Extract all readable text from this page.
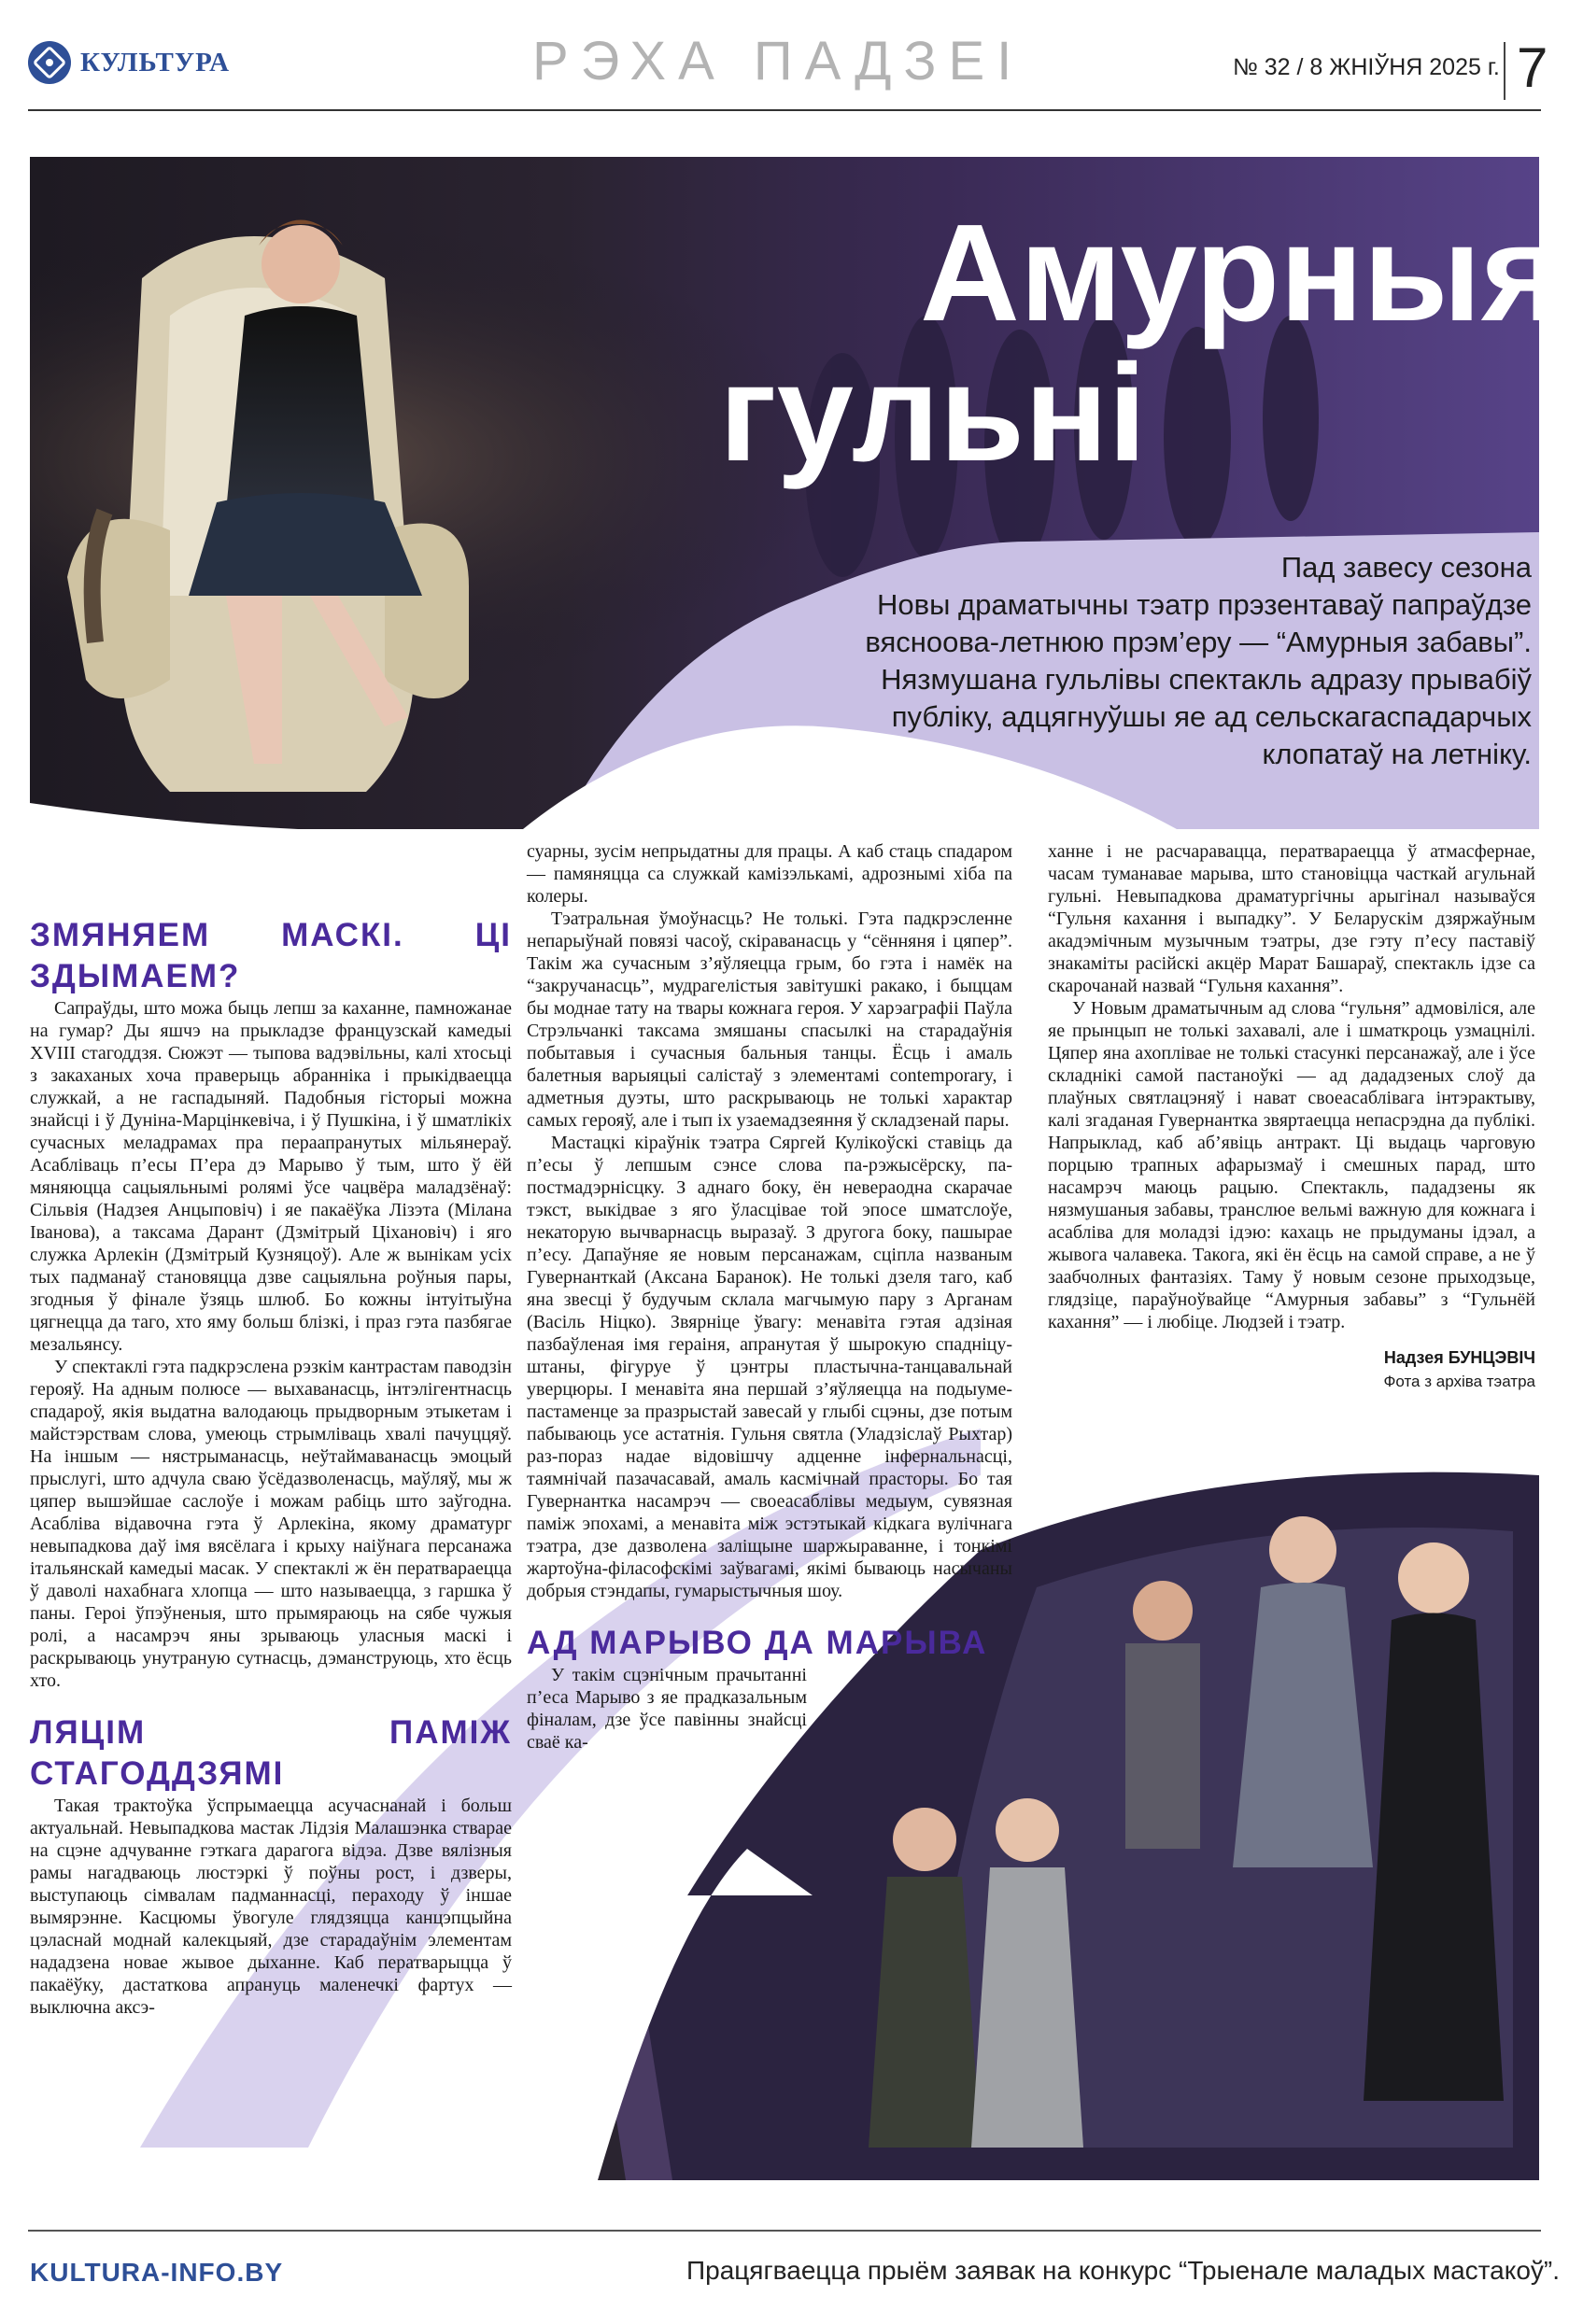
КУЛЬТУРА	РЭХА ПАДЗЕІ	№ 32 / 8 ЖНІЎНЯ 2025 г. 7
Амурныя
гульні
Пад завесу сезона
Новы драматычны тэатр прэзентаваў папраўдзе вясноова-летнюю прэм’еру — “Амурныя забавы”. Нязмушана гульлівы спектакль адразу прывабіў публіку, адцягнуўшы яе ад сельскагаспадарчых клопатаў на летніку.
ЗМЯНЯЕМ МАСКІ. ЦІ ЗДЫМАЕМ?

Сапраўды, што можа быць лепш за каханне, памножанае на гумар? Ды яшчэ на прыкладзе французскай камедыі XVIII стагоддзя. Сюжэт — тыпова вадэвільны, калі хтосьці з закаханых хоча праверыць абранніка і прыкідваецца служкай, а не гаспадыняй. Падобныя гісторыі можна знайсці і ў Дуніна-Марцінкевіча, і ў Пушкіна, і ў шматлікіх сучасных меладрамах пра пераапранутых мільянераў. Асабліваць п’есы П’ера дэ Марыво ў тым, што ў ёй мяняюцца сацыяльнымі ролямі ўсе чацвёра маладзёнаў: Сільвія (Надзея Анцыповіч) і яе пакаёўка Лізэта (Мілана Іванова), а таксама Дарант (Дзмітрый Цiхановіч) і яго служка Арлекін (Дзмітрый Кузняцоў). Але ж вынікам усіх тых падманаў становяцца дзве сацыяльна роўныя пары, згодныя ў фінале ўзяць шлюб. Бо кожны інтуітыўна цягнецца да таго, хто яму больш блізкі, і праз гэта пазбягае мезальянсу.

У спектаклі гэта падкрэслена рэзкім кантрастам паводзін герояў. На адным полюсе — выхаванасць, інтэлігентнасць спадароў, якія выдатна валодаюць прыдворным этыкетам і майстэрствам слова, умеюць стрымліваць хвалі пачуццяў. На іншым — нястрыманасць, неўтаймаванасць эмоцый прыслугі, што адчула сваю ўсёдазволенасць, маўляў, мы ж цяпер вышэйшае саслоўе і можам рабіць што заўгодна. Асабліва відавочна гэта ў Арлекіна, якому драматург невыпадкова даў імя вясёлага і крыху наіўнага персанажа італьянскай камедыі масак. У спектаклі ж ён ператвараецца ў даволі нахабнага хлопца — што называецца, з гаршка ў паны. Героі ўпэўненыя, што прымяраюць на сябе чужыя ролі, а насамрэч яны зрываюць уласныя маскі і раскрываюць унутраную сутнасць, дэманструюць, хто ёсць хто.

ЛЯЦІМ ПАМІЖ СТАГОДДЗЯМІ

Такая трактоўка ўспрымаецца асучаснанай і больш актуальнай. Невыпадкова мастак Лідзія Малашэнка стварае на сцэне адчуванне гэткага дарагога відэа. Дзве вялізныя рамы нагадваюць люстэркі ў поўны рост, і дзверы, выступаюць сімвалам падманнасці, пераходу ў іншае вымярэнне. Касцюмы ўвогуле глядзяцца канцэпцыйна цэласнай моднай калекцыяй, дзе старадаўнім элементам нададзена новае жывое дыханне. Каб ператварыцца ў пакаёўку, дастаткова апрануць маленечкі фартух — выключна аксэ-

суарны, зусім непрыдатны для працы. А каб стаць спадаром — памяняцца са служкай камізэлькамі, адрознымі хіба па колеры.

Тэатральная ўмоўнасць? Не толькі. Гэта падкрэсленне непарыўнай повязі часоў, скіраванасць у “сённяня і цяпер”. Такім жа сучасным з’яўляецца грым, бо гэта і намёк на “закручанасць”, мудрагелістыя завітушкі ракако, і быццам бы моднае тату на твары кожнага героя. У харэаграфіі Паўла Стрэльчанкі таксама змяшаны спасылкі на старадаўнія побытавыя і сучасныя бальныя танцы. Ёсць і амаль балетныя варыяцыі салістаў з элементамі contemporary, і адметныя дуэты, што раскрываюць не толькі характар самых герояў, але і тып іх узаемадзеяння ў складзенай пары.

Мастацкі кіраўнік тэатра Сяргей Кулікоўскі ставіць да п’есы ў лепшым сэнсе слова па-рэжысёрску, па-постмадэрнісцку. З аднаго боку, ён невераодна скарачае тэкст, выкідвае з яго ўласцівае той эпосе шматслоўе, некаторую вычварнасць выразаў. З другога боку, пашырае п’есу. Дапаўняе яе новым персанажам, сціпла названым Гувернанткай (Аксана Баранок). Не толькі дзеля таго, каб яна звесці ў будучым склала магчымую пару з Арганам (Васіль Ніцко). Звярніце ўвагу: менавіта гэтая адзіная пазбаўленая імя гераіня, апранутая ў шырокую спадніцу-штаны, фігуруе ў цэнтры пластычна-танцавальнай уверцюры. І менавіта яна першай з’яўляецца на подыуме-пастаменце за празрыстай завесай у глыбі сцэны, дзе потым пабываюць усе астатнія. Гульня святла (Уладзіслаў Рыхтар) раз-пораз надае відовішчу адценне інфернальнасці, таямнічай пазачасавай, амаль касмічнай прасторы. Бо тая Гувернантка насамрэч — своеасаблівы медыум, сувязная паміж эпохамі, а менавіта між эстэтыкай кідкага вулічнага тэатра, дзе дазволена заліщыне шаржыраванне, і тонкімі жартоўна-філасофскімі заўвагамі, якімі бываюць насычаны добрыя стэндапы, гумарыстычныя шоу.

АД МАРЫВО ДА МАРЫВА

У такім сцэнічным прачытанні п’еса Марыво з яе прадказальным фіналам, дзе ўсе павінны знайсці сваё ка-

ханне і не расчаравацца, ператвараецца ў атмасфернае, часам туманавае марыва, што становіцца часткай агульнай гульні. Невыпадкова драматургічны арыгінал называўся “Гульня кахання і выпадку”. У Беларускім дзяржаўным акадэмічным музычным тэатры, дзе гэту п’есу паставіў знакаміты расійскі акцёр Марат Башараў, спектакль ідзе са скарочанай назвай “Гульня кахання”.

У Новым драматычным ад слова “гульня” адмовіліся, але яе прынцып не толькі захавалі, але і шматкроць узмацнілі. Цяпер яна ахоплівае не толькі стасункі персанажаў, але і ўсе складнікі самой пастаноўкі — ад дададзеных слоў да плаўных святлацэняў і нават своеасаблівага інтэрактыву, калі згаданая Гувернантка звяртаецца непасрэдна да публікі. Напрыклад, каб аб’явіць антракт. Ці выдаць чарговую порцыю трапных афарызмаў і смешных парад, што насамрэч маюць рацыю. Спектакль, пададзены як нязмушаныя забавы, транслюе вельмі важную для кожнага і асабліва для моладзі ідэю: кахаць не прыдуманы ідэал, а жывога чалавека. Такога, які ён ёсць на самой справе, а не ў заабчолных фантазіях. Таму ў новым сезоне прыходзьце, глядзіце, параўноўвайце “Амурныя забавы” з “Гульнёй кахання” — і любіце. Людзей і тэатр.

Надзея БУНЦЭВІЧ
Фота з архіва тэатра
KULTURA-INFO.BY	Працягваецца прыём заявак на конкурс “Трыенале маладых мастакоў”.
